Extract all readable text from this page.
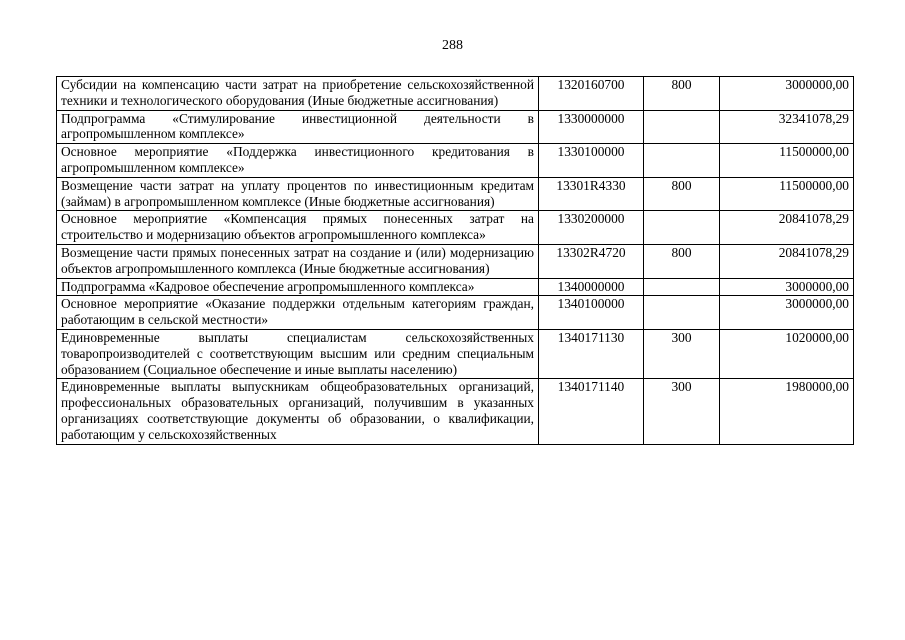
288
Субсидии на компенсацию части затрат на приобретение сельскохозяйственной техники и технологического оборудования (Иные бюджетные ассигнования)	1320160700	800	3000000,00
Подпрограмма «Стимулирование инвестиционной деятельности в агропромышленном комплексе»	1330000000		32341078,29
Основное мероприятие «Поддержка инвестиционного кредитования в агропромышленном комплексе»	1330100000		11500000,00
Возмещение части затрат на уплату процентов по инвестиционным кредитам (займам) в агропромышленном комплексе (Иные бюджетные ассигнования)	13301R4330	800	11500000,00
Основное мероприятие «Компенсация прямых понесенных затрат на строительство и модернизацию объектов агропромышленного комплекса»	1330200000		20841078,29
Возмещение части прямых понесенных затрат на создание и (или) модернизацию объектов агропромышленного комплекса (Иные бюджетные ассигнования)	13302R4720	800	20841078,29
Подпрограмма «Кадровое обеспечение агропромышленного комплекса»	1340000000		3000000,00
Основное мероприятие «Оказание поддержки отдельным категориям граждан, работающим в сельской местности»	1340100000		3000000,00
Единовременные выплаты специалистам сельскохозяйственных товаропроизводителей с соответствующим высшим или средним специальным образованием (Социальное обеспечение и иные выплаты населению)	1340171130	300	1020000,00
Единовременные выплаты выпускникам общеобразовательных организаций, профессиональных образовательных организаций, получившим в указанных организациях соответствующие документы об образовании, о квалификации, работающим у сельскохозяйственных	1340171140	300	1980000,00
